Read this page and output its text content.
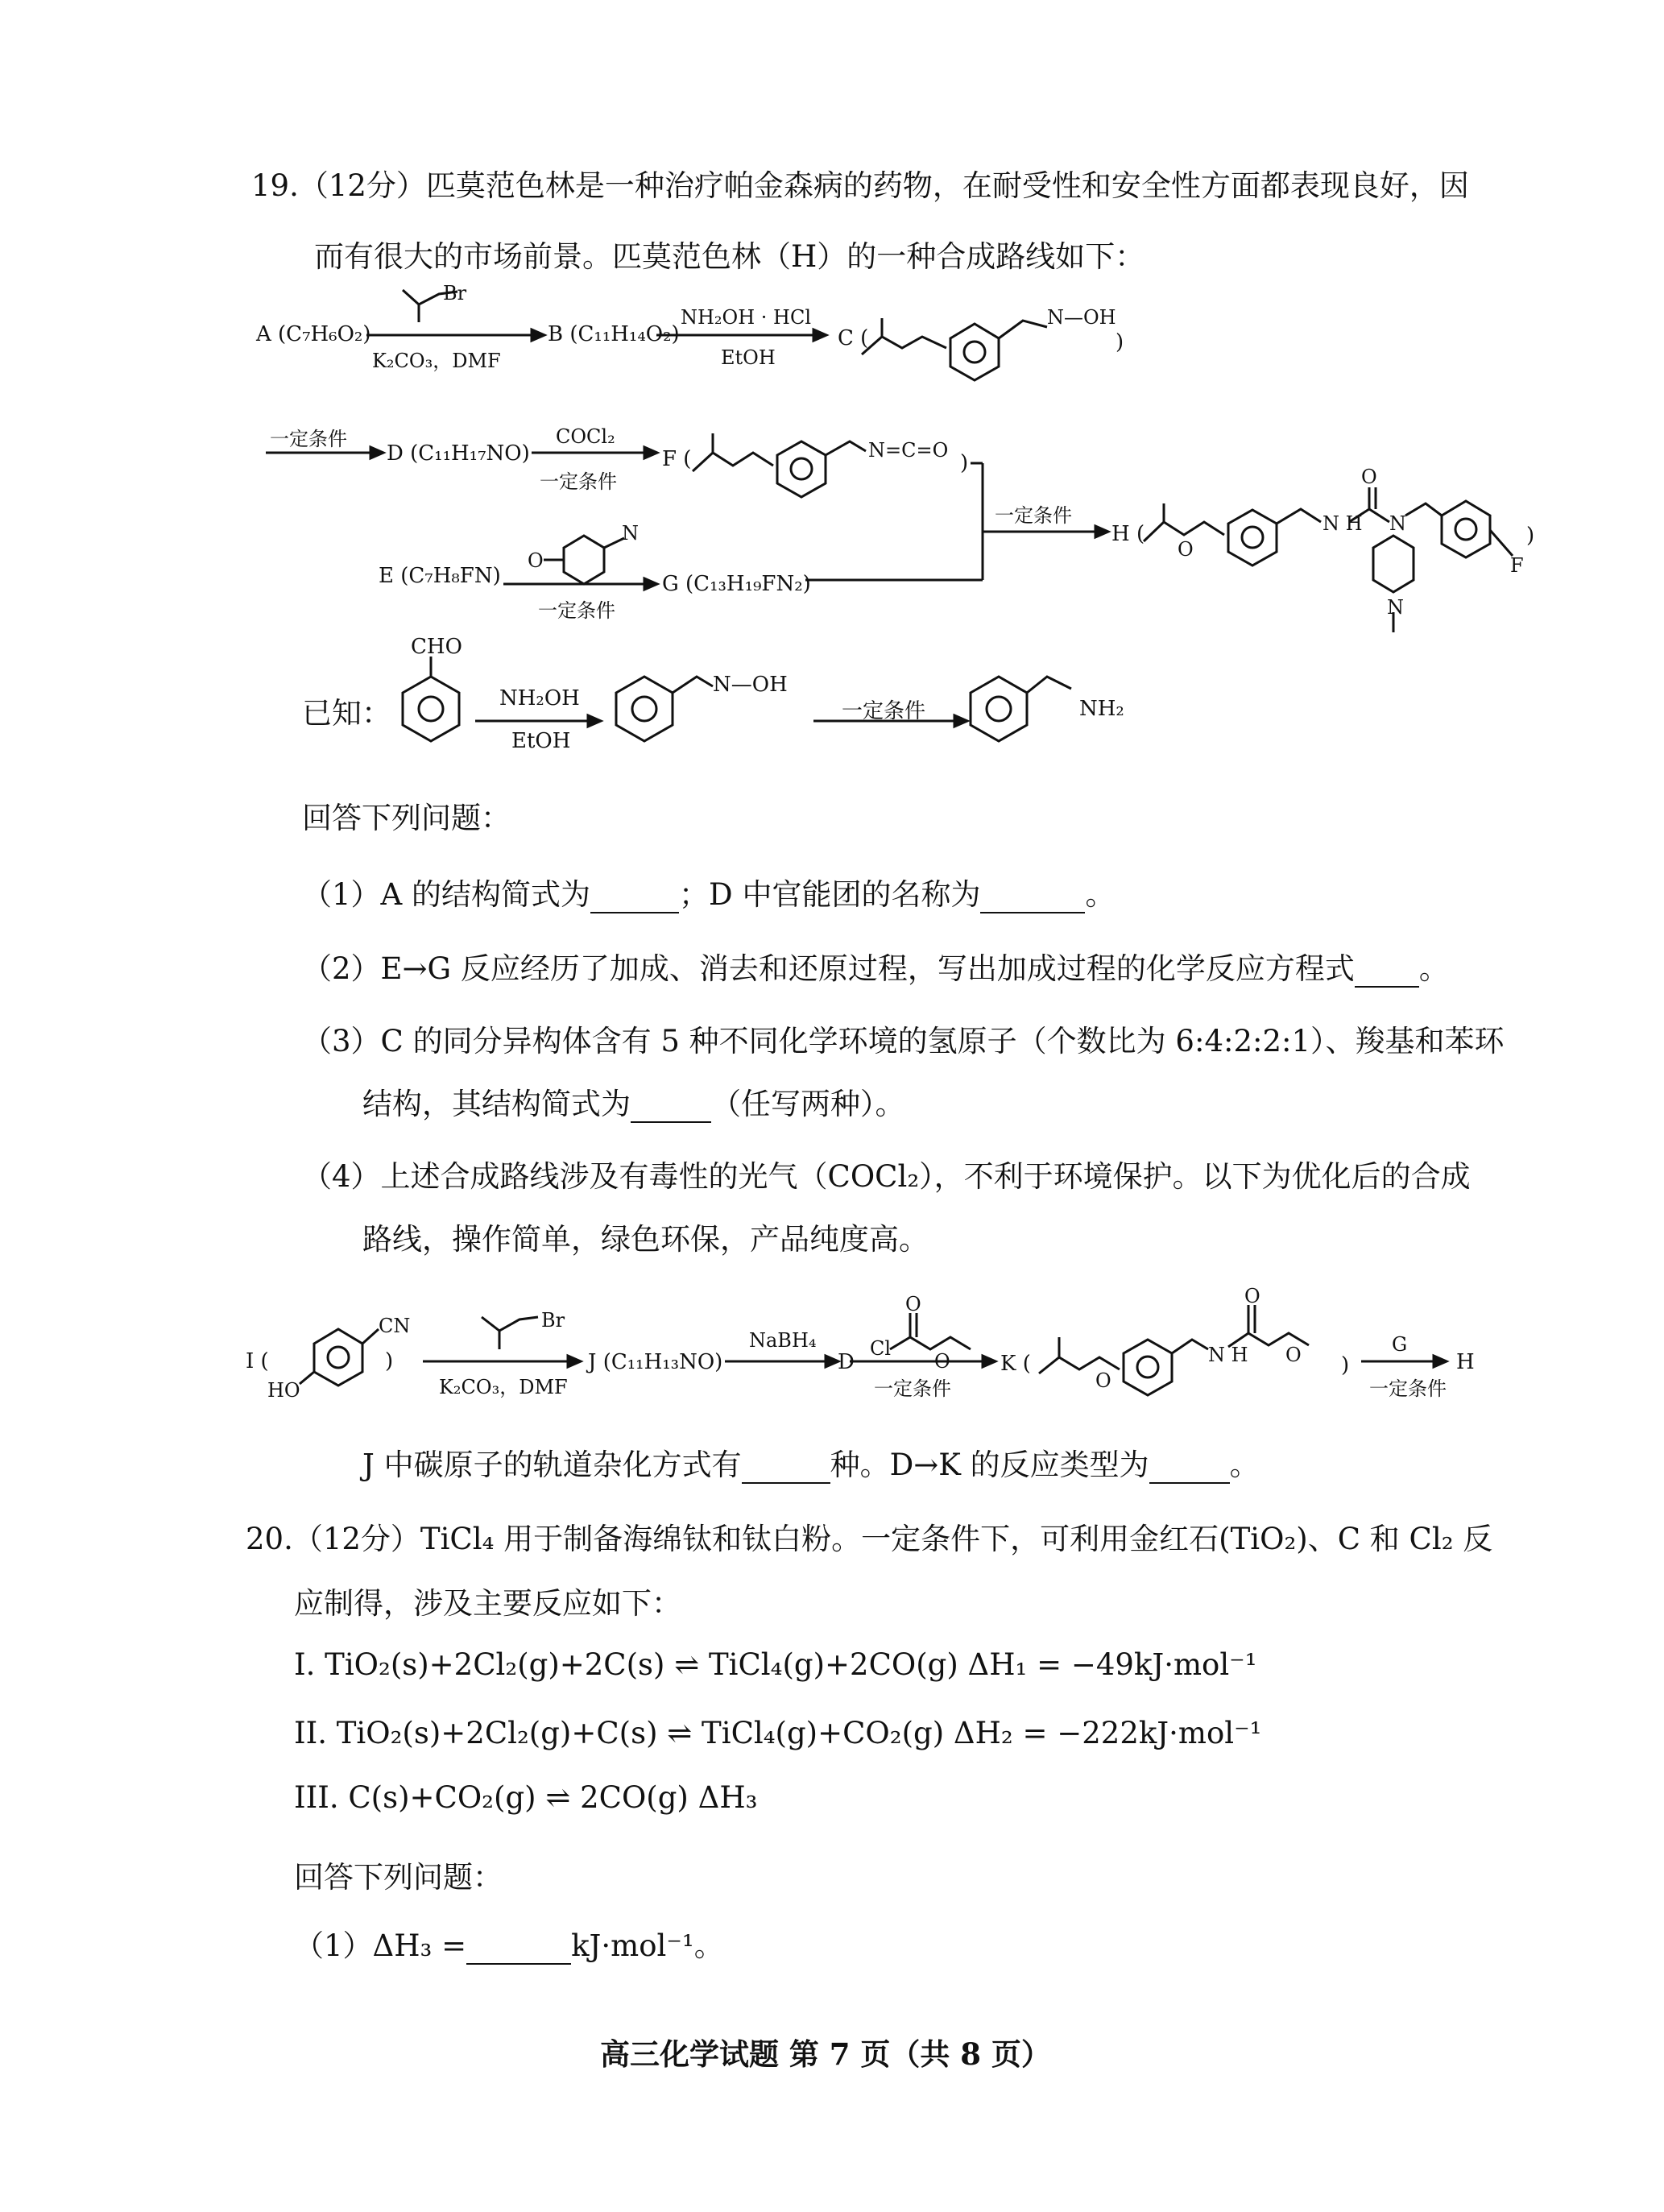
19.（12分）匹莫范色林是一种治疗帕金森病的药物，在耐受性和安全性方面都表现良好，因
而有很大的市场前景。匹莫范色林（H）的一种合成路线如下：
A (C₇H₆O₂)
Br
K₂CO₃，DMF
B (C₁₁H₁₄O₂)
NH₂OH · HCl
EtOH
C (
N—OH
)
一定条件
D (C₁₁H₁₇NO)
COCl₂
一定条件
F (	N=C=O
)
一定条件
H (
O
O
N H N
N
F
)
E (C₇H₈FN)
O
N
一定条件
G (C₁₃H₁₉FN₂)
已知：
CHO
NH₂OH
EtOH
N—OH
一定条件	NH₂
回答下列问题：
（1）A 的结构简式为	；D 中官能团的名称为	。
（2）E→G 反应经历了加成、消去和还原过程，写出加成过程的化学反应方程式 。
（3）C 的同分异构体含有 5 种不同化学环境的氢原子（个数比为 6:4:2:2:1）、羧基和苯环
结构，其结构简式为	（任写两种）。
（4）上述合成路线涉及有毒性的光气（COCl₂），不利于环境保护。以下为优化后的合成
路线，操作简单，绿色环保，产品纯度高。
I (
CN
HO
)
Br
K₂CO₃，DMF
J (C₁₁H₁₃NO)
NaBH₄
D
Cl
O
O
一定条件
K (
O
N H
O
O )
G
一定条件
H
J 中碳原子的轨道杂化方式有	种。D→K 的反应类型为	。
20.（12分）TiCl₄ 用于制备海绵钛和钛白粉。一定条件下，可利用金红石(TiO₂)、C 和 Cl₂ 反
应制得，涉及主要反应如下：
I. TiO₂(s)+2Cl₂(g)+2C(s) ⇌ TiCl₄(g)+2CO(g) ΔH₁ = −49kJ·mol⁻¹
II. TiO₂(s)+2Cl₂(g)+C(s) ⇌ TiCl₄(g)+CO₂(g) ΔH₂ = −222kJ·mol⁻¹
III. C(s)+CO₂(g) ⇌ 2CO(g) ΔH₃
回答下列问题：
（1）ΔH₃ =	kJ·mol⁻¹。
高三化学试题 第 7 页（共 8 页）
